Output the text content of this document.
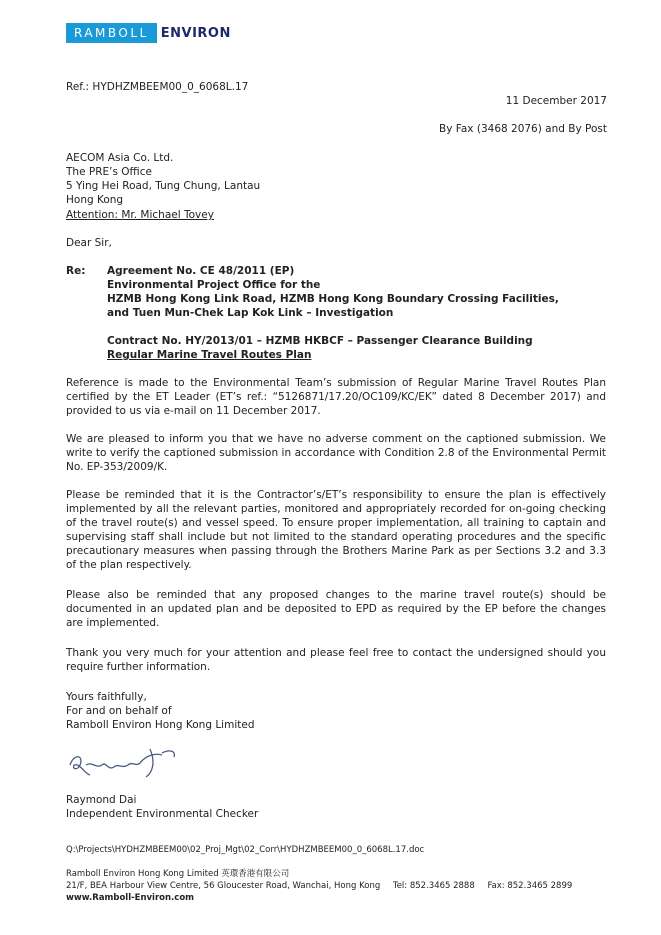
RAMBOLL ENVIRON
Ref.: HYDHZMBEEM00_0_6068L.17
11 December 2017
By Fax (3468 2076) and By Post
AECOM Asia Co. Ltd.
The PRE’s Office
5 Ying Hei Road, Tung Chung, Lantau
Hong Kong
Attention: Mr. Michael Tovey
Dear Sir,
Re: Agreement No. CE 48/2011 (EP)
Environmental Project Office for the
HZMB Hong Kong Link Road, HZMB Hong Kong Boundary Crossing Facilities,
and Tuen Mun-Chek Lap Kok Link – Investigation
Contract No. HY/2013/01 – HZMB HKBCF – Passenger Clearance Building
Regular Marine Travel Routes Plan
Reference is made to the Environmental Team’s submission of Regular Marine Travel Routes Plan certified by the ET Leader (ET’s ref.: “5126871/17.20/OC109/KC/EK” dated 8 December 2017) and provided to us via e-mail on 11 December 2017.
We are pleased to inform you that we have no adverse comment on the captioned submission. We write to verify the captioned submission in accordance with Condition 2.8 of the Environmental Permit No. EP-353/2009/K.
Please be reminded that it is the Contractor’s/ET’s responsibility to ensure the plan is effectively implemented by all the relevant parties, monitored and appropriately recorded for on-going checking of the travel route(s) and vessel speed. To ensure proper implementation, all training to captain and supervising staff shall include but not limited to the standard operating procedures and the specific precautionary measures when passing through the Brothers Marine Park as per Sections 3.2 and 3.3 of the plan respectively.
Please also be reminded that any proposed changes to the marine travel route(s) should be documented in an updated plan and be deposited to EPD as required by the EP before the changes are implemented.
Thank you very much for your attention and please feel free to contact the undersigned should you require further information.
Yours faithfully,
For and on behalf of
Ramboll Environ Hong Kong Limited
Raymond Dai
Independent Environmental Checker
Q:\Projects\HYDHZMBEEM00\02_Proj_Mgt\02_Corr\HYDHZMBEEM00_0_6068L.17.doc
Ramboll Environ Hong Kong Limited 英環香港有限公司
21/F, BEA Harbour View Centre, 56 Gloucester Road, Wanchai, Hong Kong Tel: 852.3465 2888 Fax: 852.3465 2899
www.Ramboll-Environ.com
